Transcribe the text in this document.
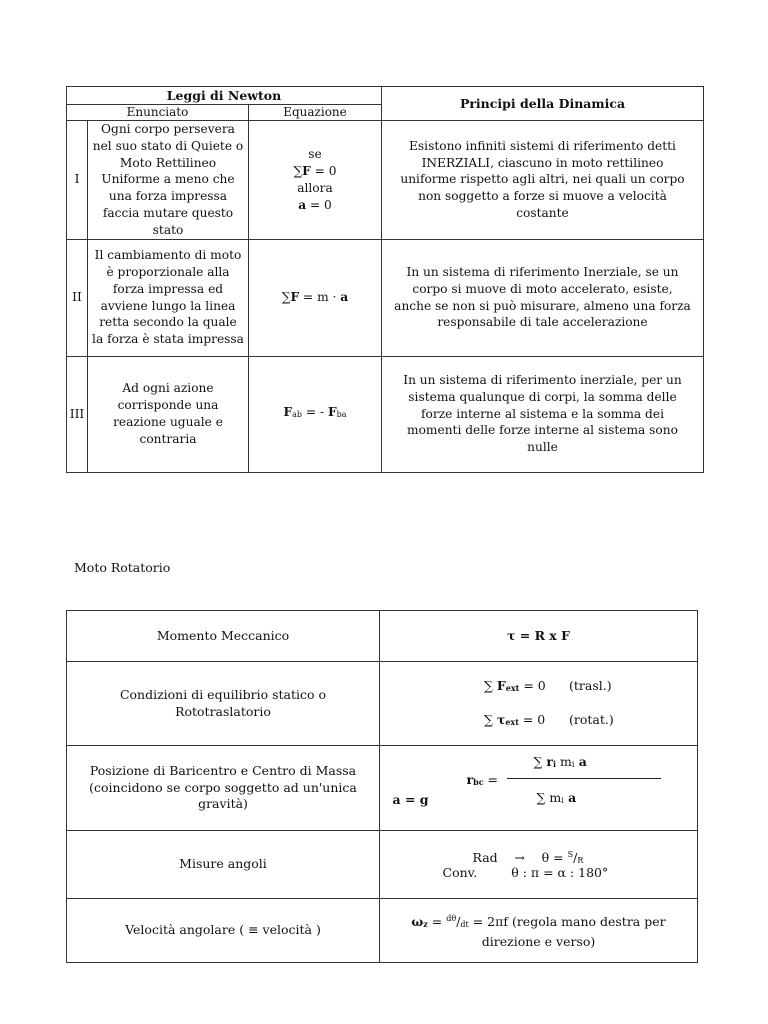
Leggi di Newton			Principi della Dinamica
Enunciato		Equazione	
I	Ogni corpo persevera nel suo stato di Quiete o Moto Rettilineo Uniforme a meno che una forza impressa faccia mutare questo stato	se
∑F = 0
allora
a = 0	Esistono infiniti sistemi di riferimento detti INERZIALI, ciascuno in moto rettilineo uniforme rispetto agli altri, nei quali un corpo non soggetto a forze si muove a velocità costante
II	Il cambiamento di moto è proporzionale alla forza impressa ed avviene lungo la linea retta secondo la quale la forza è stata impressa	∑F = m · a	In un sistema di riferimento Inerziale, se un corpo si muove di moto accelerato, esiste, anche se non si può misurare, almeno una forza responsabile di tale accelerazione
III	Ad ogni azione corrisponde una reazione uguale e contraria	$F_{ab}$ = - $F_{ba}$	In un sistema di riferimento inerziale, per un sistema qualunque di corpi, la somma delle forze interne al sistema e la somma dei momenti delle forze interne al sistema sono nulle

Moto Rotatorio

Momento Meccanico	τ = R x F
Condizioni di equilibrio statico o Rototraslatorio	∑ $F_{ext} = 0$ (trasl.)
∑ $\tau_{ext} = 0$ (rotat.)

Posizione di Baricentro e Centro di Massa (coincidono se corpo soggetto ad un'unica gravità)	a = g
$r_{bc}$ =
∑ $r_i$ $m_i$ a
∑ $m_i$ a

Misure angoli	Rad → $\theta = ^S/_R$
Conv. θ : π = α : 180°

Velocità angolare ( ≡ velocità )	$\omega_z = ^{d\theta}/_{dt} = 2\pi f$ (regola mano destra per direzione e verso)
